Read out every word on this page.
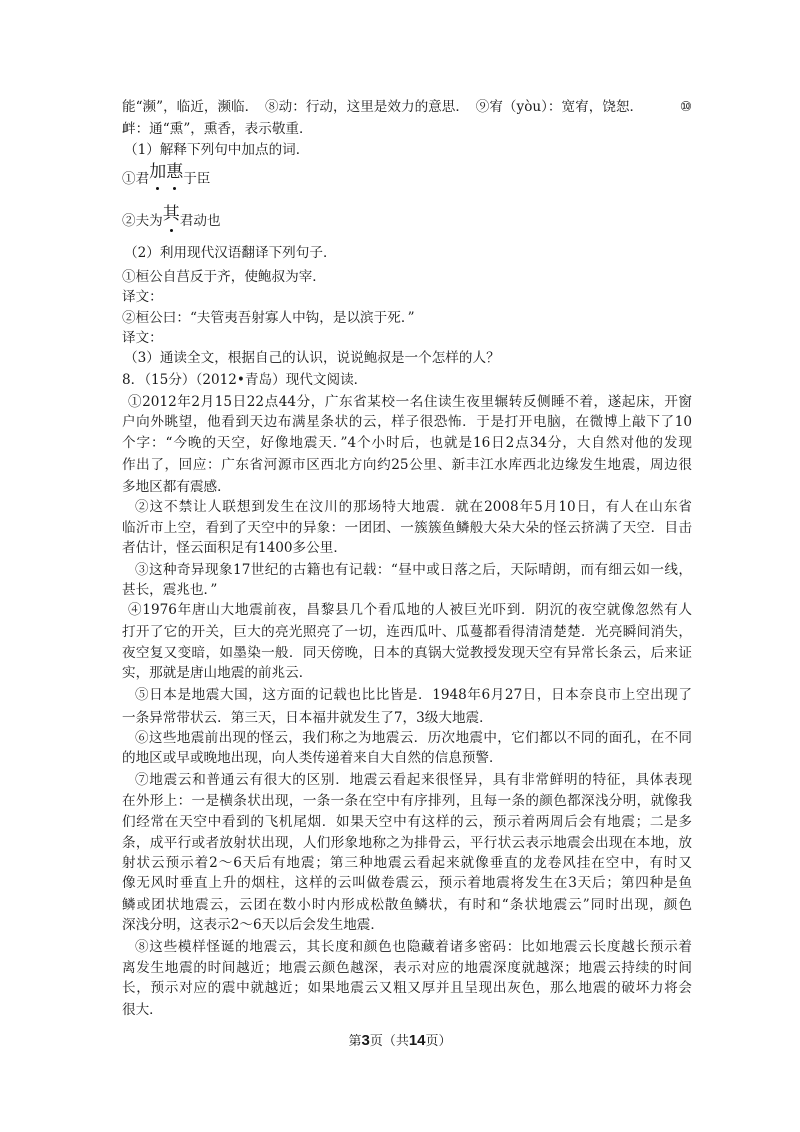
能“濒”，临近，濒临．　⑧动：行动，这里是效力的意思．　⑨宥（yòu）：宽宥，饶恕．
衅：通“熏”，熏香，表示敬重．
（1）解释下列句中加点的词．
（2）利用现代汉语翻译下列句子．
①桓公自莒反于齐，使鲍叔为宰．
译文：
②桓公曰：“夫管夷吾射寡人中钩，是以滨于死．”
译文：
（3）通读全文，根据自己的认识，说说鲍叔是一个怎样的人？
8．（15分）（2012•青岛）现代文阅读．
①2012年2月15日22点44分，广东省某校一名住读生夜里辗转反侧睡不着，遂起床，开窗
户向外眺望，他看到天边布满星条状的云，样子很恐怖．于是打开电脑，在微博上敲下了10
个字：“今晚的天空，好像地震天．”4个小时后，也就是16日2点34分，大自然对他的发现
作出了，回应：广东省河源市区西北方向约25公里、新丰江水库西北边缘发生地震，周边很
多地区都有震感．
②这不禁让人联想到发生在汶川的那场特大地震．就在2008年5月10日，有人在山东省
临沂市上空，看到了天空中的异象：一团团、一簇簇鱼鳞般大朵大朵的怪云挤满了天空．目击
者估计，怪云面积足有1400多公里．
③这种奇异现象17世纪的古籍也有记载：“昼中或日落之后，天际晴朗，而有细云如一线，
甚长，震兆也．”
④1976年唐山大地震前夜，昌黎县几个看瓜地的人被巨光吓到．阴沉的夜空就像忽然有人
打开了它的开关，巨大的亮光照亮了一切，连西瓜叶、瓜蔓都看得清清楚楚．光亮瞬间消失，
夜空复又变暗，如墨染一般．同天傍晚，日本的真锅大觉教授发现天空有异常长条云，后来证
实，那就是唐山地震的前兆云．
⑤日本是地震大国，这方面的记载也比比皆是．1948年6月27日，日本奈良市上空出现了
一条异常带状云．第三天，日本福井就发生了7，3级大地震．
⑥这些地震前出现的怪云，我们称之为地震云．历次地震中，它们都以不同的面孔，在不同
的地区或早或晚地出现，向人类传递着来自大自然的信息预警．
⑦地震云和普通云有很大的区别．地震云看起来很怪异，具有非常鲜明的特征，具体表现
在外形上：一是横条状出现，一条一条在空中有序排列，且每一条的颜色都深浅分明，就像我
们经常在天空中看到的飞机尾烟．如果天空中有这样的云，预示着两周后会有地震；二是多
条，成平行或者放射状出现，人们形象地称之为排骨云，平行状云表示地震会出现在本地，放
射状云预示着2～6天后有地震；第三种地震云看起来就像垂直的龙卷风挂在空中，有时又
像无风时垂直上升的烟柱，这样的云叫做卷震云，预示着地震将发生在3天后；第四种是鱼
鳞或团状地震云，云团在数小时内形成松散鱼鳞状，有时和“条状地震云”同时出现，颜色
深浅分明，这表示2～6天以后会发生地震．
⑧这些模样怪诞的地震云，其长度和颜色也隐藏着诸多密码：比如地震云长度越长预示着
离发生地震的时间越近；地震云颜色越深，表示对应的地震深度就越深；地震云持续的时间
长，预示对应的震中就越近；如果地震云又粗又厚并且呈现出灰色，那么地震的破坏力将会
很大．
⑩
①君加惠于臣
②夫为其君动也
第3页（共14页）
